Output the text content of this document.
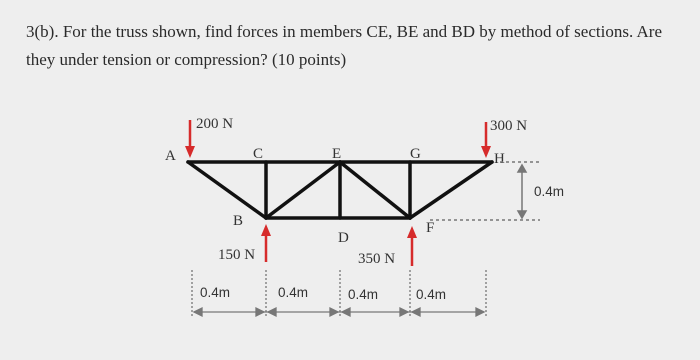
3(b). For the truss shown, find forces in members CE, BE and BD by method of sections. Are
they under tension or compression? (10 points)
A	C	E	G	H
B
D
F
200 N	300 N
150 N	350 N
0.4m
0.4m	0.4m	0.4m	0.4m
